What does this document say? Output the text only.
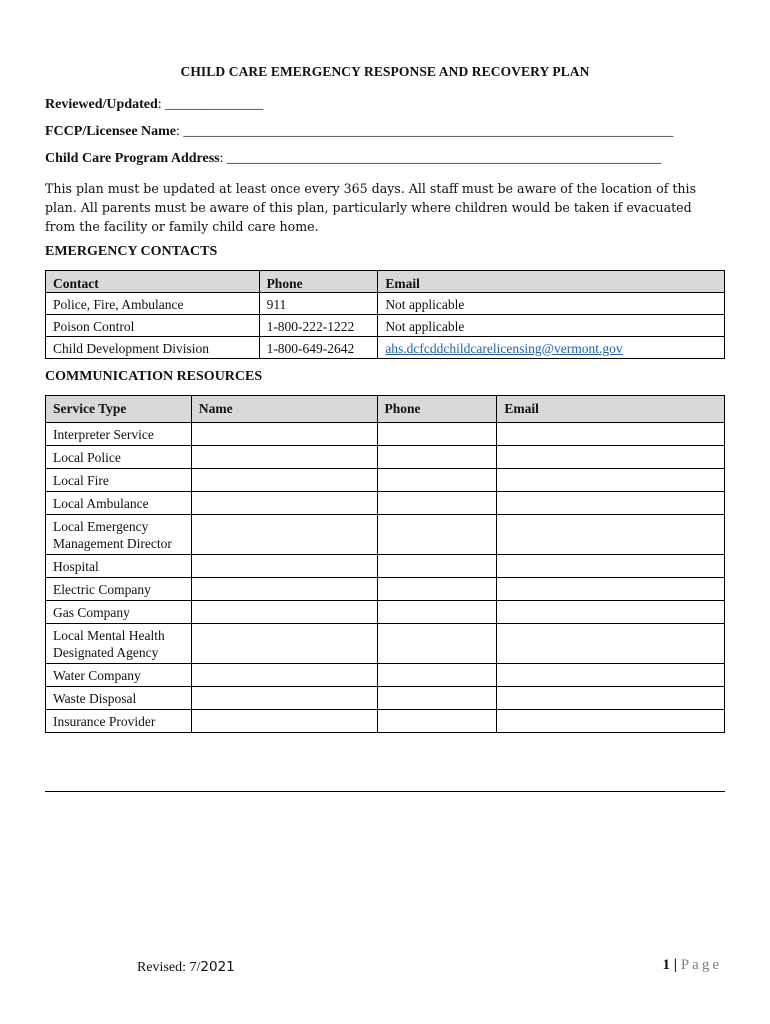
CHILD CARE EMERGENCY RESPONSE AND RECOVERY PLAN
Reviewed/Updated: ______________
FCCP/Licensee Name: ______________________________________________________________________
Child Care Program Address: ______________________________________________________________
This plan must be updated at least once every 365 days. All staff must be aware of the location of this plan. All parents must be aware of this plan, particularly where children would be taken if evacuated from the facility or family child care home.
EMERGENCY CONTACTS
Contact	Phone	Email
Police, Fire, Ambulance	911	Not applicable
Poison Control	1-800-222-1222	Not applicable
Child Development Division	1-800-649-2642	ahs.dcfcddchildcarelicensing@vermont.gov
COMMUNICATION RESOURCES
Service Type	Name	Phone	Email
Interpreter Service			
Local Police			
Local Fire			
Local Ambulance			
Local Emergency Management Director			
Hospital			
Electric Company			
Gas Company			
Local Mental Health Designated Agency			
Water Company			
Waste Disposal			
Insurance Provider			
Revised: 7/2021	1 | Page
